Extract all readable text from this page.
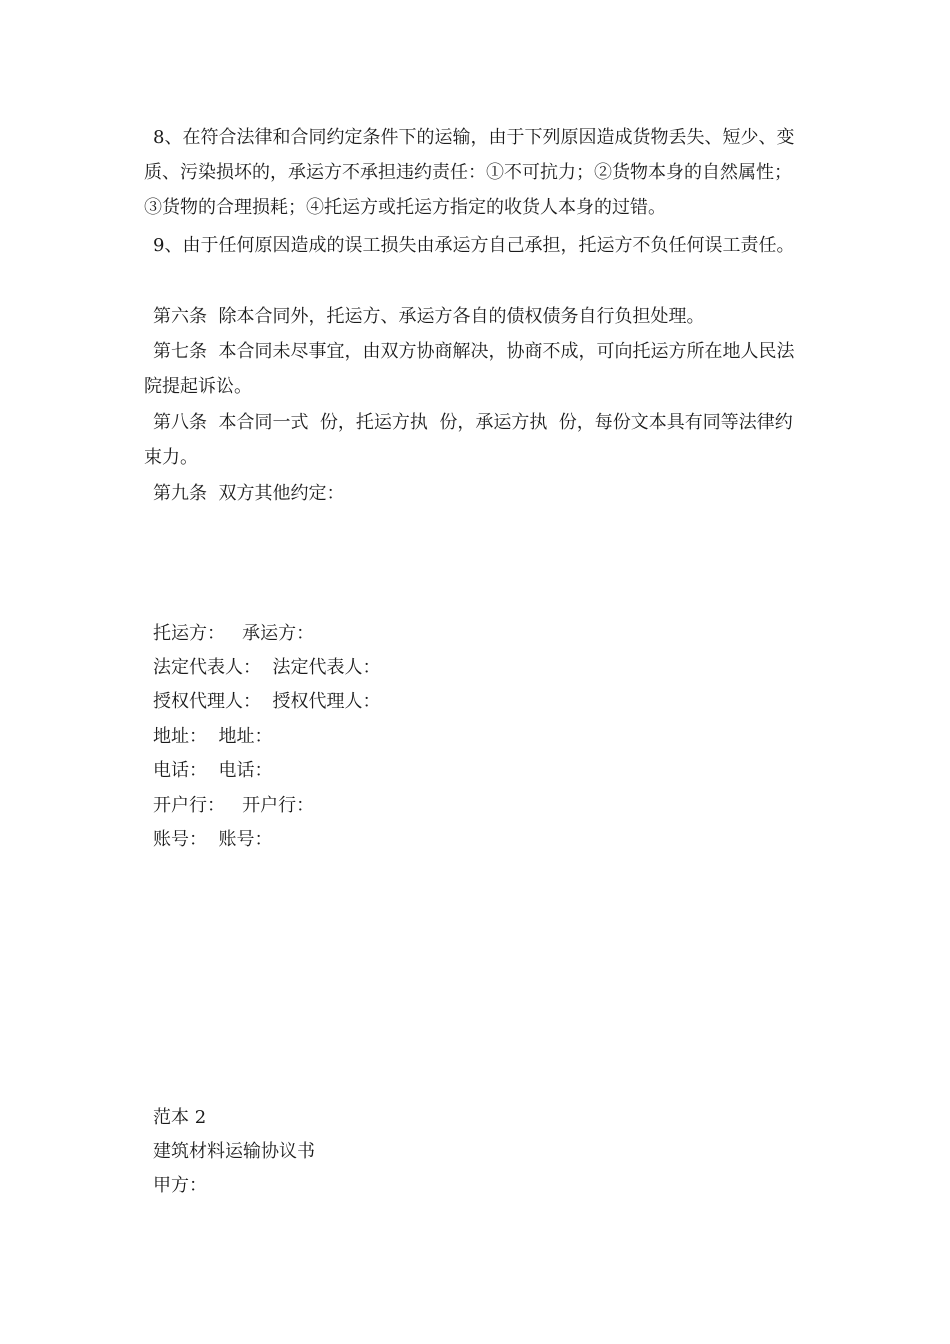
8、在符合法律和合同约定条件下的运输，由于下列原因造成货物丢失、短少、变质、污染损坏的，承运方不承担违约责任：①不可抗力；②货物本身的自然属性；③货物的合理损耗；④托运方或托运方指定的收货人本身的过错。
9、由于任何原因造成的误工损失由承运方自己承担，托运方不负任何误工责任。
第六条  除本合同外，托运方、承运方各自的债权债务自行负担处理。
第七条  本合同未尽事宜，由双方协商解决，协商不成，可向托运方所在地人民法院提起诉讼。
第八条  本合同一式  份，托运方执  份，承运方执  份，每份文本具有同等法律约束力。
第九条  双方其他约定：
托运方：   承运方：
法定代表人：  法定代表人：
授权代理人：  授权代理人：
地址：  地址：
电话：  电话：
开户行：   开户行：
账号：  账号：
范本 2
建筑材料运输协议书
甲方：
